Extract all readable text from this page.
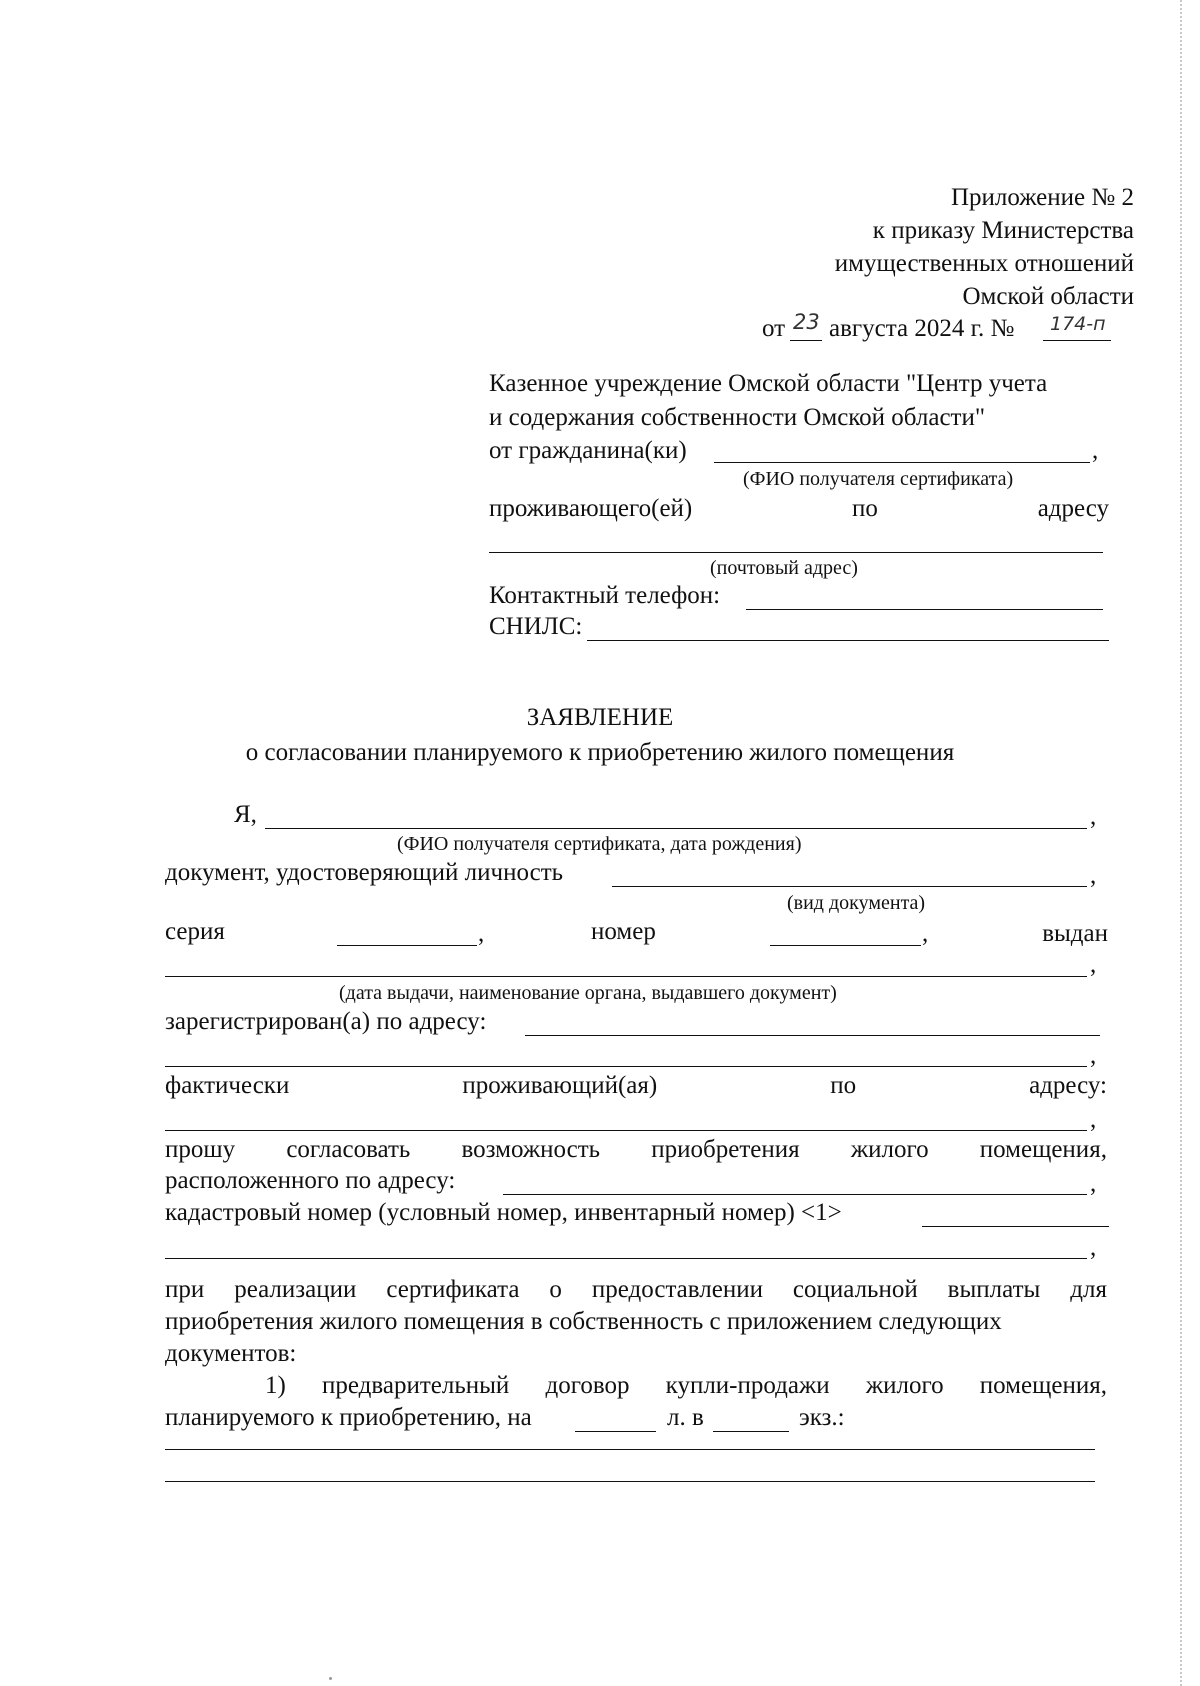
Приложение № 2
к приказу Министерства
имущественных отношений
Омской области
от 23 августа 2024 г. № 174-п
Казенное учреждение Омской области "Центр учета
и содержания собственности Омской области"
от гражданина(ки)	,
(ФИО получателя сертификата)
проживающего(ей)	по	адресу
(почтовый адрес)
Контактный телефон:
СНИЛС:
ЗАЯВЛЕНИЕ
о согласовании планируемого к приобретению жилого помещения
Я,	,
(ФИО получателя сертификата, дата рождения)
документ, удостоверяющий личность	,
(вид документа)
серия	,	номер	,	выдан
,
(дата выдачи, наименование органа, выдавшего документ)
зарегистрирован(а) по адресу:
,
фактически	проживающий(ая)	по	адресу:
,
прошу согласовать возможность приобретения жилого помещения,
расположенного по адресу:	,
кадастровый номер (условный номер, инвентарный номер) <1>
,
при реализации сертификата о предоставлении социальной выплаты для
приобретения жилого помещения в собственность с приложением следующих
документов:
1) предварительный договор купли-продажи жилого помещения,
планируемого к приобретению, на	л. в	экз.:
